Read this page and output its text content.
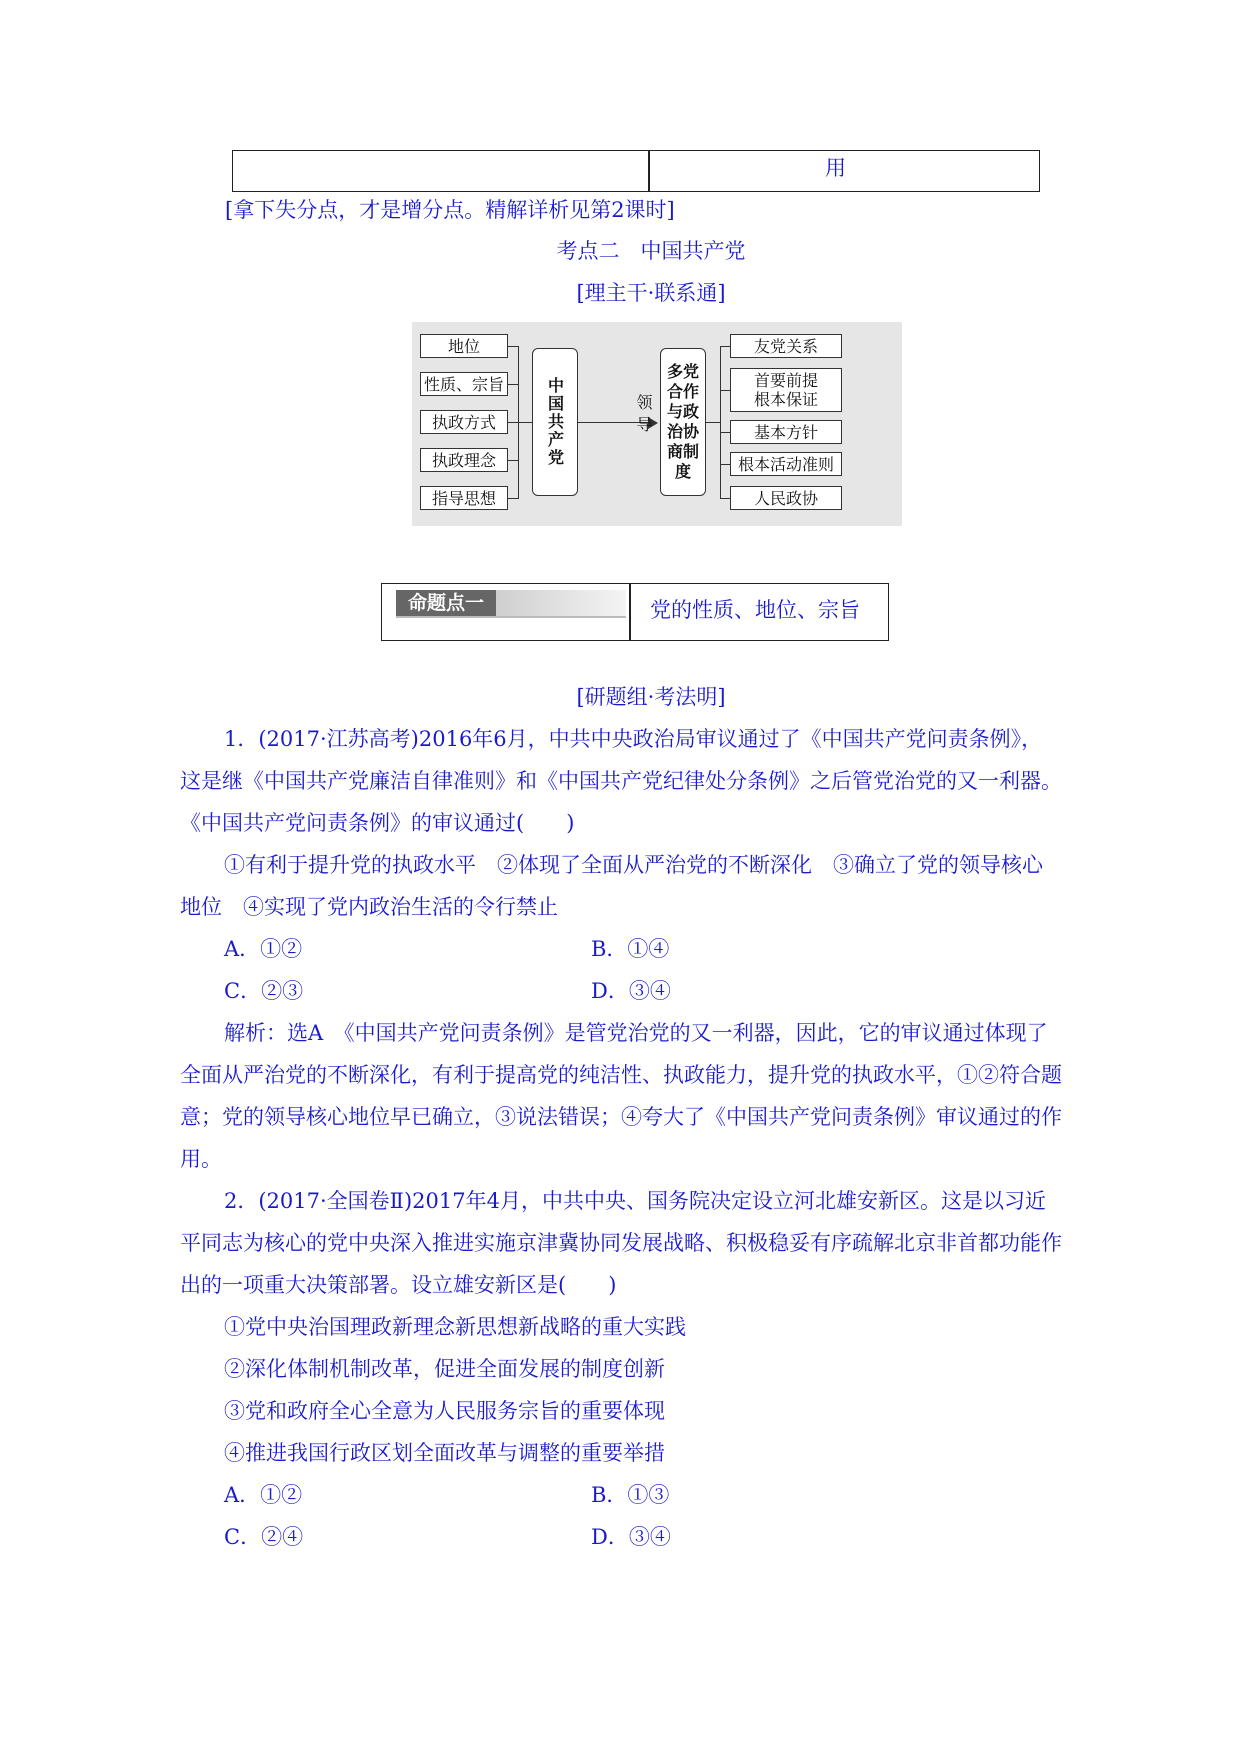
用
[拿下失分点，才是增分点。精解详析见第2课时]
考点二　中国共产党
[理主干·联系通]
地位
性质、宗旨
执政方式
执政理念
指导思想
中国共产党	领导
多党合作与政治协商制度
友党关系
首要前提根本保证
基本方针
根本活动准则
人民政协
命题点一	党的性质、地位、宗旨
[研题组·考法明]
1．(2017·江苏高考)2016年6月，中共中央政治局审议通过了《中国共产党问责条例》，
这是继《中国共产党廉洁自律准则》和《中国共产党纪律处分条例》之后管党治党的又一利器。
《中国共产党问责条例》的审议通过(　　)
①有利于提升党的执政水平　②体现了全面从严治党的不断深化　③确立了党的领导核心
地位　④实现了党内政治生活的令行禁止
A．①②	B．①④
C．②③	D．③④
解析：选A　《中国共产党问责条例》是管党治党的又一利器，因此，它的审议通过体现了
全面从严治党的不断深化，有利于提高党的纯洁性、执政能力，提升党的执政水平，①②符合题
意；党的领导核心地位早已确立，③说法错误；④夸大了《中国共产党问责条例》审议通过的作
用。
2．(2017·全国卷Ⅱ)2017年4月，中共中央、国务院决定设立河北雄安新区。这是以习近
平同志为核心的党中央深入推进实施京津冀协同发展战略、积极稳妥有序疏解北京非首都功能作
出的一项重大决策部署。设立雄安新区是(　　)
①党中央治国理政新理念新思想新战略的重大实践
②深化体制机制改革，促进全面发展的制度创新
③党和政府全心全意为人民服务宗旨的重要体现
④推进我国行政区划全面改革与调整的重要举措
A．①②	B．①③
C．②④	D．③④
